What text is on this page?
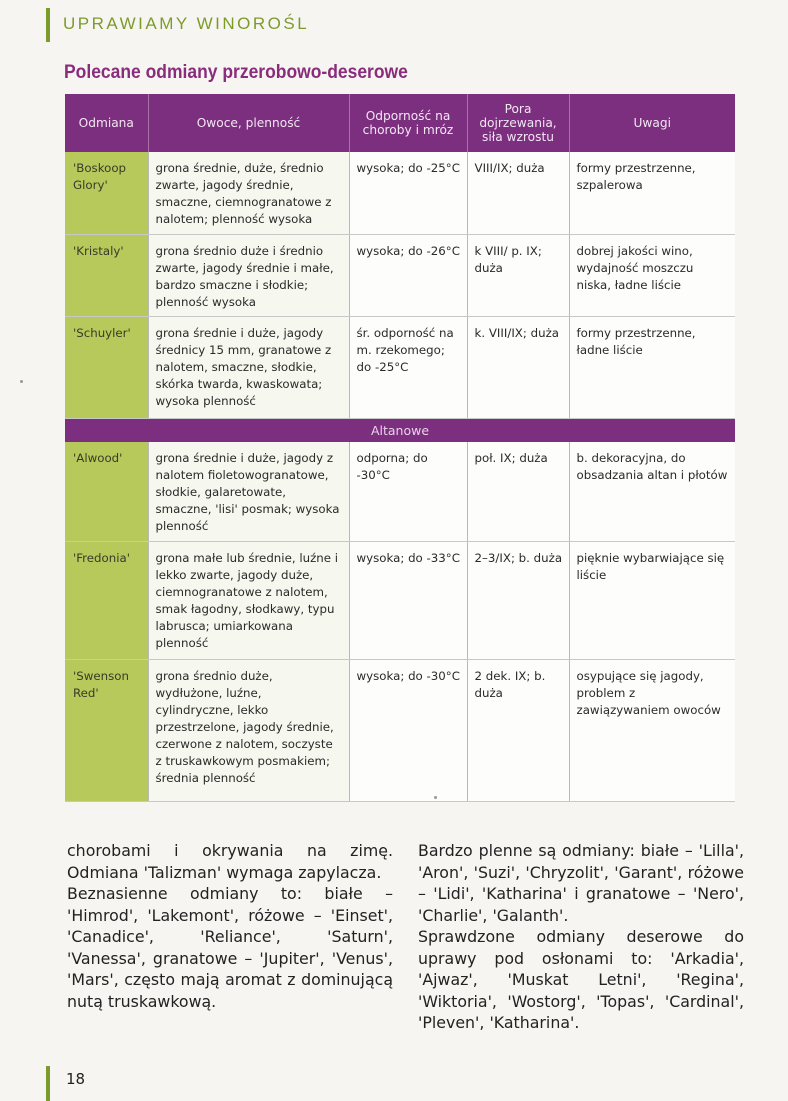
UPRAWIAMY WINOROŚL
Polecane odmiany przerobowo-deserowe
Odmiana	Owoce, plenność	Odporność na choroby i mróz	Pora dojrzewania, siła wzrostu	Uwagi
'Boskoop Glory'	grona średnie, duże, średnio zwarte, jagody średnie, smaczne, ciemnogranatowe z nalotem; plenność wysoka	wysoka; do -25°C	VIII/IX; duża	formy przestrzenne, szpalerowa
'Kristaly'	grona średnio duże i średnio zwarte, jagody średnie i małe, bardzo smaczne i słodkie; plenność wysoka	wysoka; do -26°C	k VIII/ p. IX; duża	dobrej jakości wino, wydajność moszczu niska, ładne liście
'Schuyler'	grona średnie i duże, jagody średnicy 15 mm, granatowe z nalotem, smaczne, słodkie, skórka twarda, kwaskowata; wysoka plenność	śr. odporność na m. rzekomego; do -25°C	k. VIII/IX; duża	formy przestrzenne, ładne liście
Altanowe				
'Alwood'	grona średnie i duże, jagody z nalotem fioletowogranatowe, słodkie, galaretowate, smaczne, 'lisi' posmak; wysoka plenność	odporna; do -30°C	poł. IX; duża	b. dekoracyjna, do obsadzania altan i płotów
'Fredonia'	grona małe lub średnie, luźne i lekko zwarte, jagody duże, ciemnogranatowe z nalotem, smak łagodny, słodkawy, typu labrusca; umiarkowana plenność	wysoka; do -33°C	2–3/IX; b. duża	pięknie wybarwiające się liście
'Swenson Red'	grona średnio duże, wydłużone, luźne, cylindryczne, lekko przestrzelone, jagody średnie, czerwone z nalotem, soczyste z truskawkowym posmakiem; średnia plenność	wysoka; do -30°C	2 dek. IX; b. duża	osypujące się jagody, problem z zawiązywaniem owoców

chorobami i okrywania na zimę. Odmiana 'Talizman' wymaga zapylacza.

Beznasienne odmiany to: białe – 'Himrod', 'Lakemont', różowe – 'Einset', 'Canadice', 'Reliance', 'Saturn', 'Vanessa', granatowe – 'Jupiter', 'Venus', 'Mars', często mają aromat z dominującą nutą truskawkową.

Bardzo plenne są odmiany: białe – 'Lilla', 'Aron', 'Suzi', 'Chryzolit', 'Garant', różowe – 'Lidi', 'Katharina' i granatowe – 'Nero', 'Charlie', 'Galanth'.

Sprawdzone odmiany deserowe do uprawy pod osłonami to: 'Arkadia', 'Ajwaz', 'Muskat Letni', 'Regina', 'Wiktoria', 'Wostorg', 'Topas', 'Cardinal', 'Pleven', 'Katharina'.

18
